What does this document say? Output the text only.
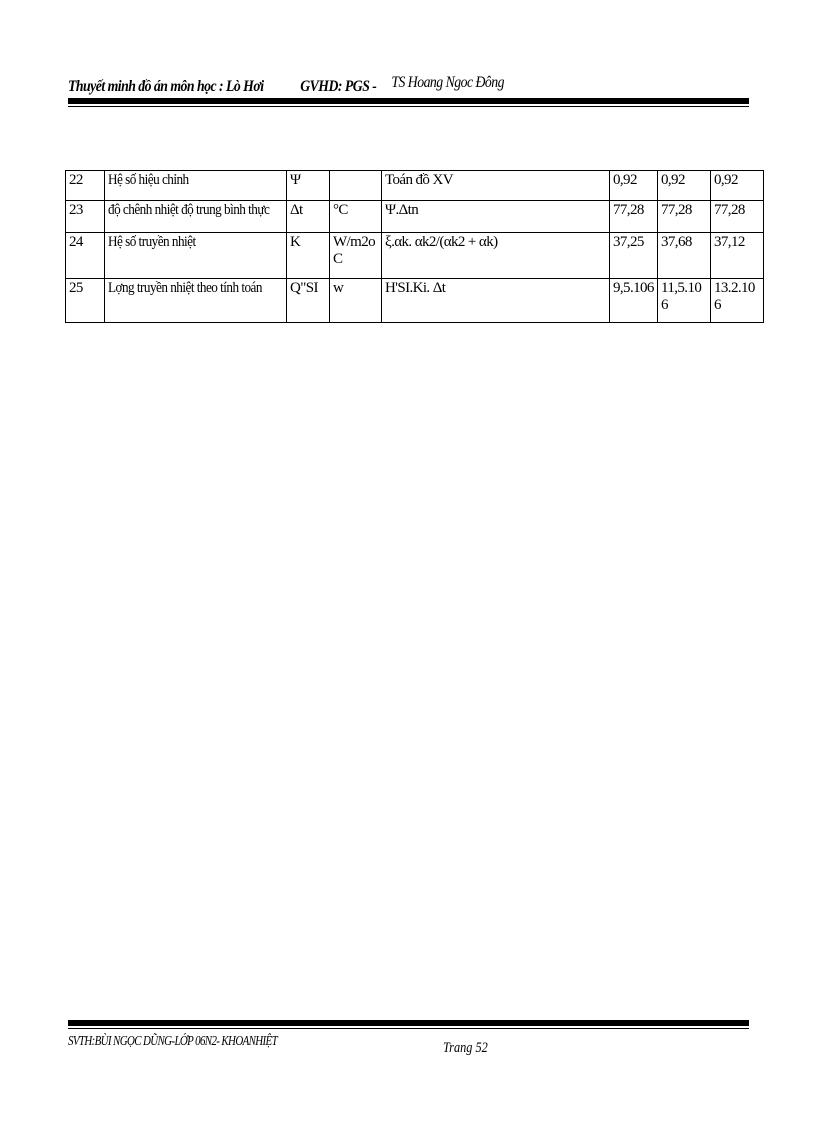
Thuyết minh đồ án môn học : Lò Hơi GVHD: PGS - TS Hoang Ngoc Đông
22	Hệ số hiệu chỉnh	Ψ		Toán đồ XV	0,92	0,92	0,92
23	độ chênh nhiệt độ trung bình thực	Δt	°C	Ψ.Δtn	77,28	77,28	77,28
24	Hệ số truyền nhiệt	K	W/m2oC	ξ.αk. αk2/(αk2 + αk)	37,25	37,68	37,12
25	Lợng truyền nhiệt theo tính toán	Q"SI	w	H'SI.Ki. Δt	9,5.106	11,5.106	13.2.106
SVTH:BÙI NGỌC DŨNG-LỚP 06N2- KHOANHIỆT	Trang 52
